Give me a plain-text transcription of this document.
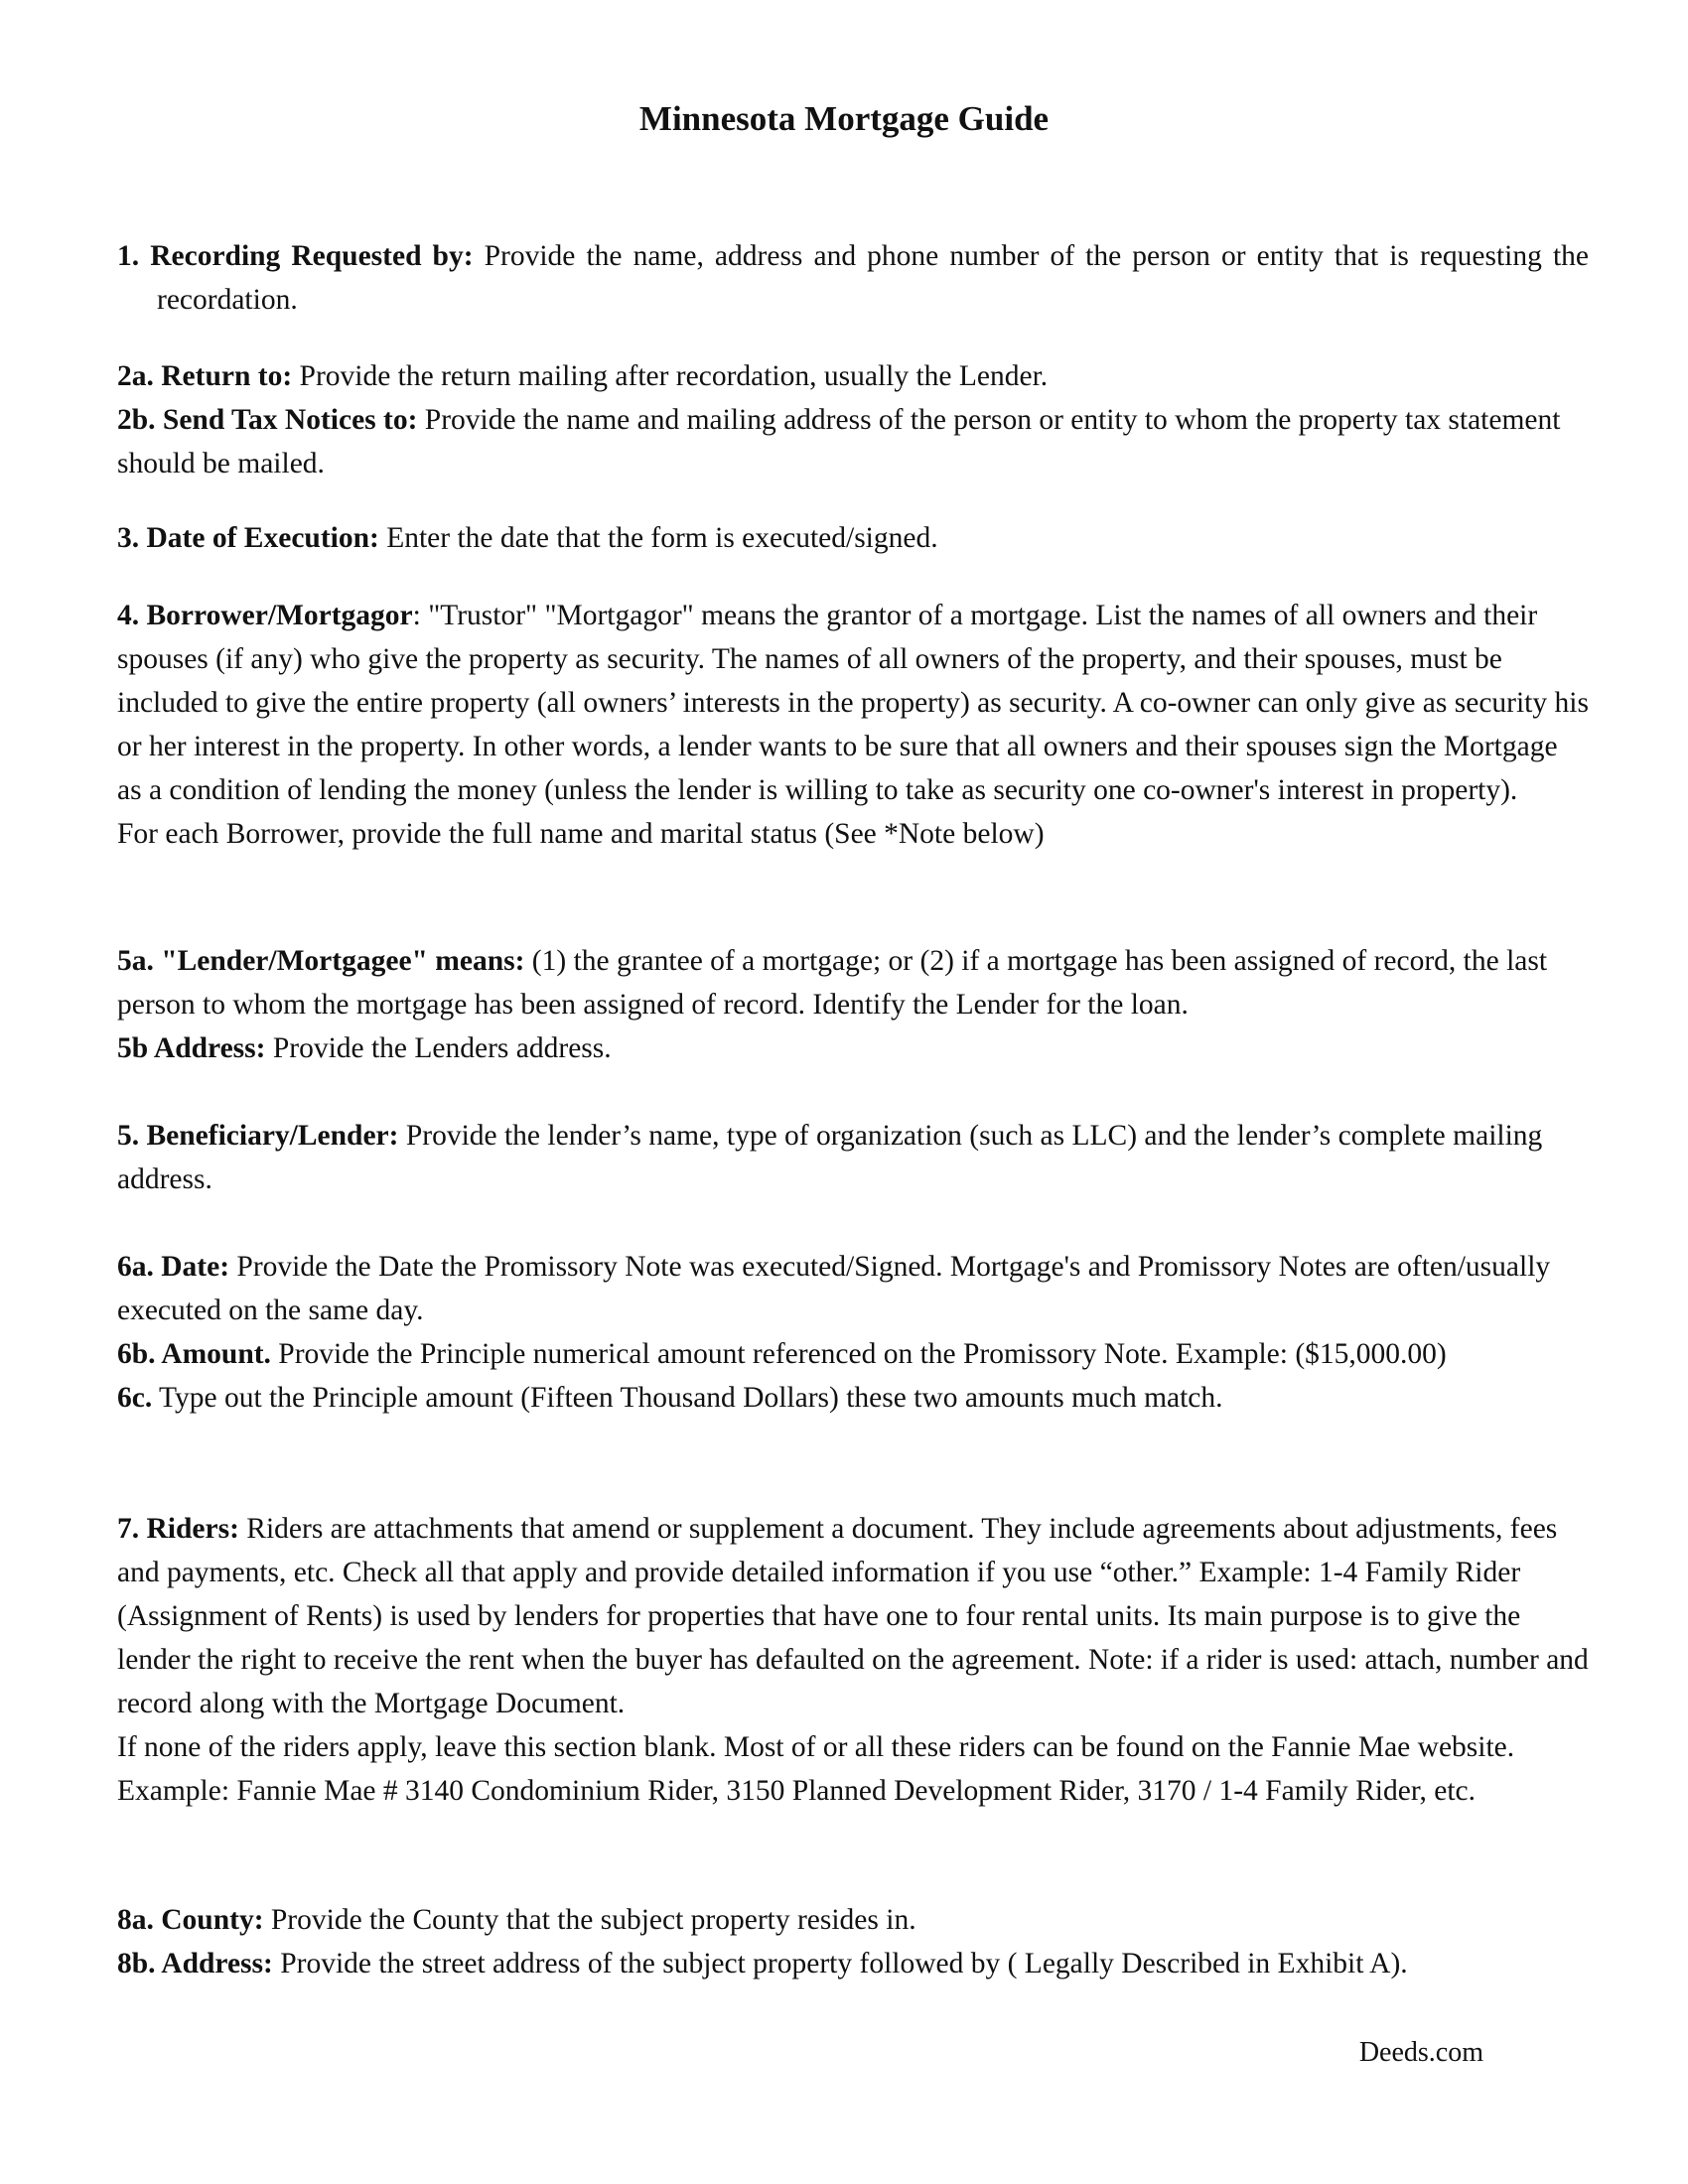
Minnesota Mortgage Guide

1. Recording Requested by: Provide the name, address and phone number of the person or entity that is requesting the recordation.

2a. Return to: Provide the return mailing after recordation, usually the Lender.

2b. Send Tax Notices to: Provide the name and mailing address of the person or entity to whom the property tax statement should be mailed.

3. Date of Execution: Enter the date that the form is executed/signed.

4. Borrower/Mortgagor: "Trustor" "Mortgagor" means the grantor of a mortgage. List the names of all owners and their spouses (if any) who give the property as security. The names of all owners of the property, and their spouses, must be included to give the entire property (all owners’ interests in the property) as security. A co-owner can only give as security his or her interest in the property. In other words, a lender wants to be sure that all owners and their spouses sign the Mortgage as a condition of lending the money (unless the lender is willing to take as security one co-owner's interest in property).

For each Borrower, provide the full name and marital status (See *Note below)

5a. "Lender/Mortgagee" means: (1) the grantee of a mortgage; or (2) if a mortgage has been assigned of record, the last person to whom the mortgage has been assigned of record. Identify the Lender for the loan.

5b Address: Provide the Lenders address.

5. Beneficiary/Lender: Provide the lender’s name, type of organization (such as LLC) and the lender’s complete mailing address.

6a. Date: Provide the Date the Promissory Note was executed/Signed. Mortgage's and Promissory Notes are often/usually executed on the same day.

6b. Amount. Provide the Principle numerical amount referenced on the Promissory Note. Example: ($15,000.00)

6c. Type out the Principle amount (Fifteen Thousand Dollars) these two amounts much match.

7. Riders: Riders are attachments that amend or supplement a document. They include agreements about adjustments, fees and payments, etc. Check all that apply and provide detailed information if you use “other.” Example: 1-4 Family Rider (Assignment of Rents) is used by lenders for properties that have one to four rental units. Its main purpose is to give the lender the right to receive the rent when the buyer has defaulted on the agreement. Note: if a rider is used: attach, number and record along with the Mortgage Document.

If none of the riders apply, leave this section blank. Most of or all these riders can be found on the Fannie Mae website. Example: Fannie Mae # 3140 Condominium Rider, 3150 Planned Development Rider, 3170 / 1-4 Family Rider, etc.

8a. County: Provide the County that the subject property resides in.

8b. Address: Provide the street address of the subject property followed by ( Legally Described in Exhibit A).

Deeds.com
